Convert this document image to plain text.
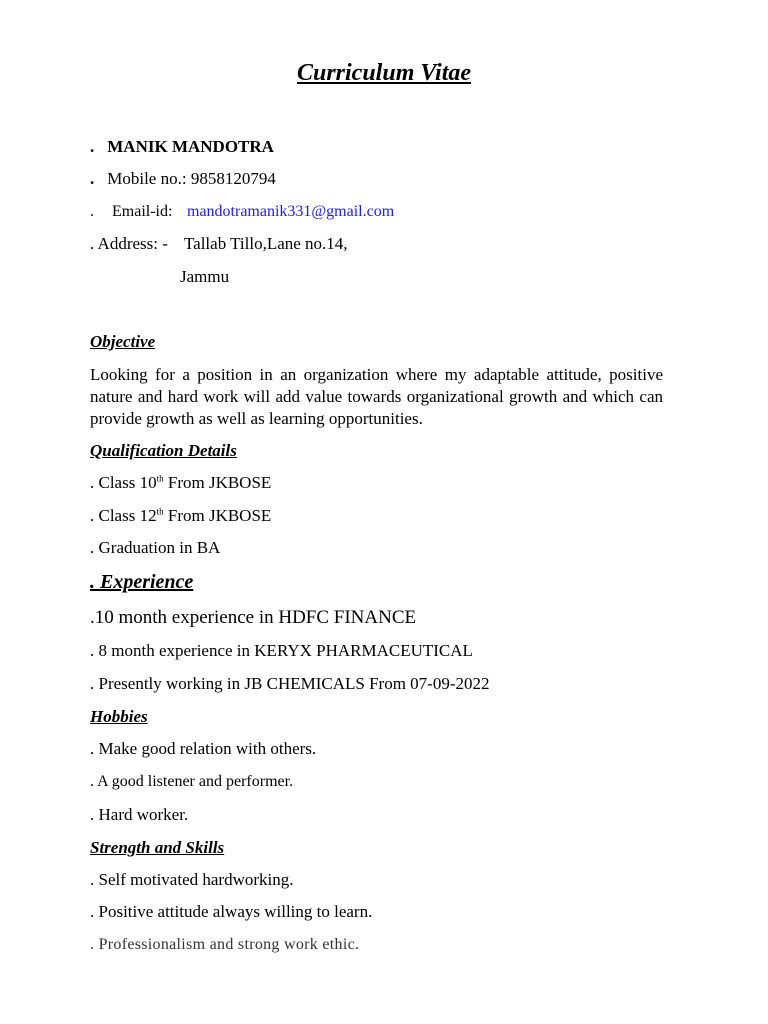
Curriculum Vitae
. MANIK MANDOTRA
. Mobile no.: 9858120794
. Email-id: mandotramanik331@gmail.com
. Address: - Tallab Tillo,Lane no.14,
Jammu
Objective
Looking for a position in an organization where my adaptable attitude, positive nature and hard work will add value towards organizational growth and which can provide growth as well as learning opportunities.
Qualification Details
. Class 10th From JKBOSE
. Class 12th From JKBOSE
. Graduation in BA
. Experience
.10 month experience in HDFC FINANCE
. 8 month experience in KERYX PHARMACEUTICAL
. Presently working in JB CHEMICALS From 07-09-2022
Hobbies
. Make good relation with others.
. A good listener and performer.
. Hard worker.
Strength and Skills
. Self motivated hardworking.
. Positive attitude always willing to learn.
. Professionalism and strong work ethic.
